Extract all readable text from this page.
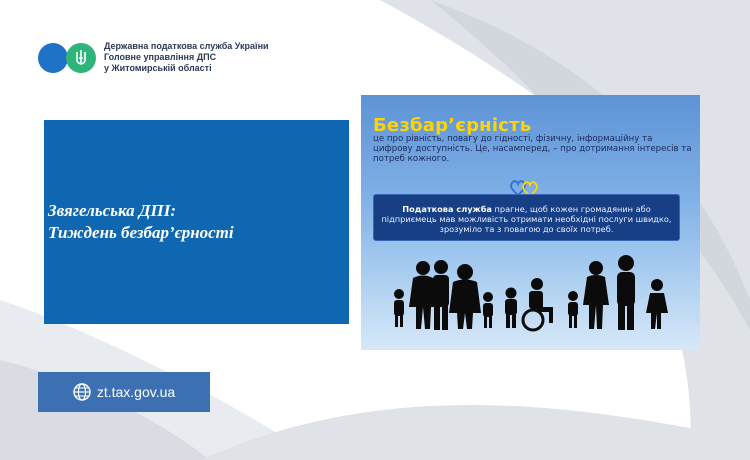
Державна податкова служба України
Головне управління ДПС
у Житомирській області
Звягельська ДПІ:
Тиждень безбар’єрності
zt.tax.gov.ua
Безбар’єрність
це про рівність, повагу до гідності, фізичну, інформаційну та цифрову доступність. Це, насамперед, – про дотримання інтересів та потреб кожного.
Податкова служба прагне, щоб кожен громадянин або підприємець мав можливість отримати необхідні послуги швидко, зрозуміло та з повагою до своїх потреб.
